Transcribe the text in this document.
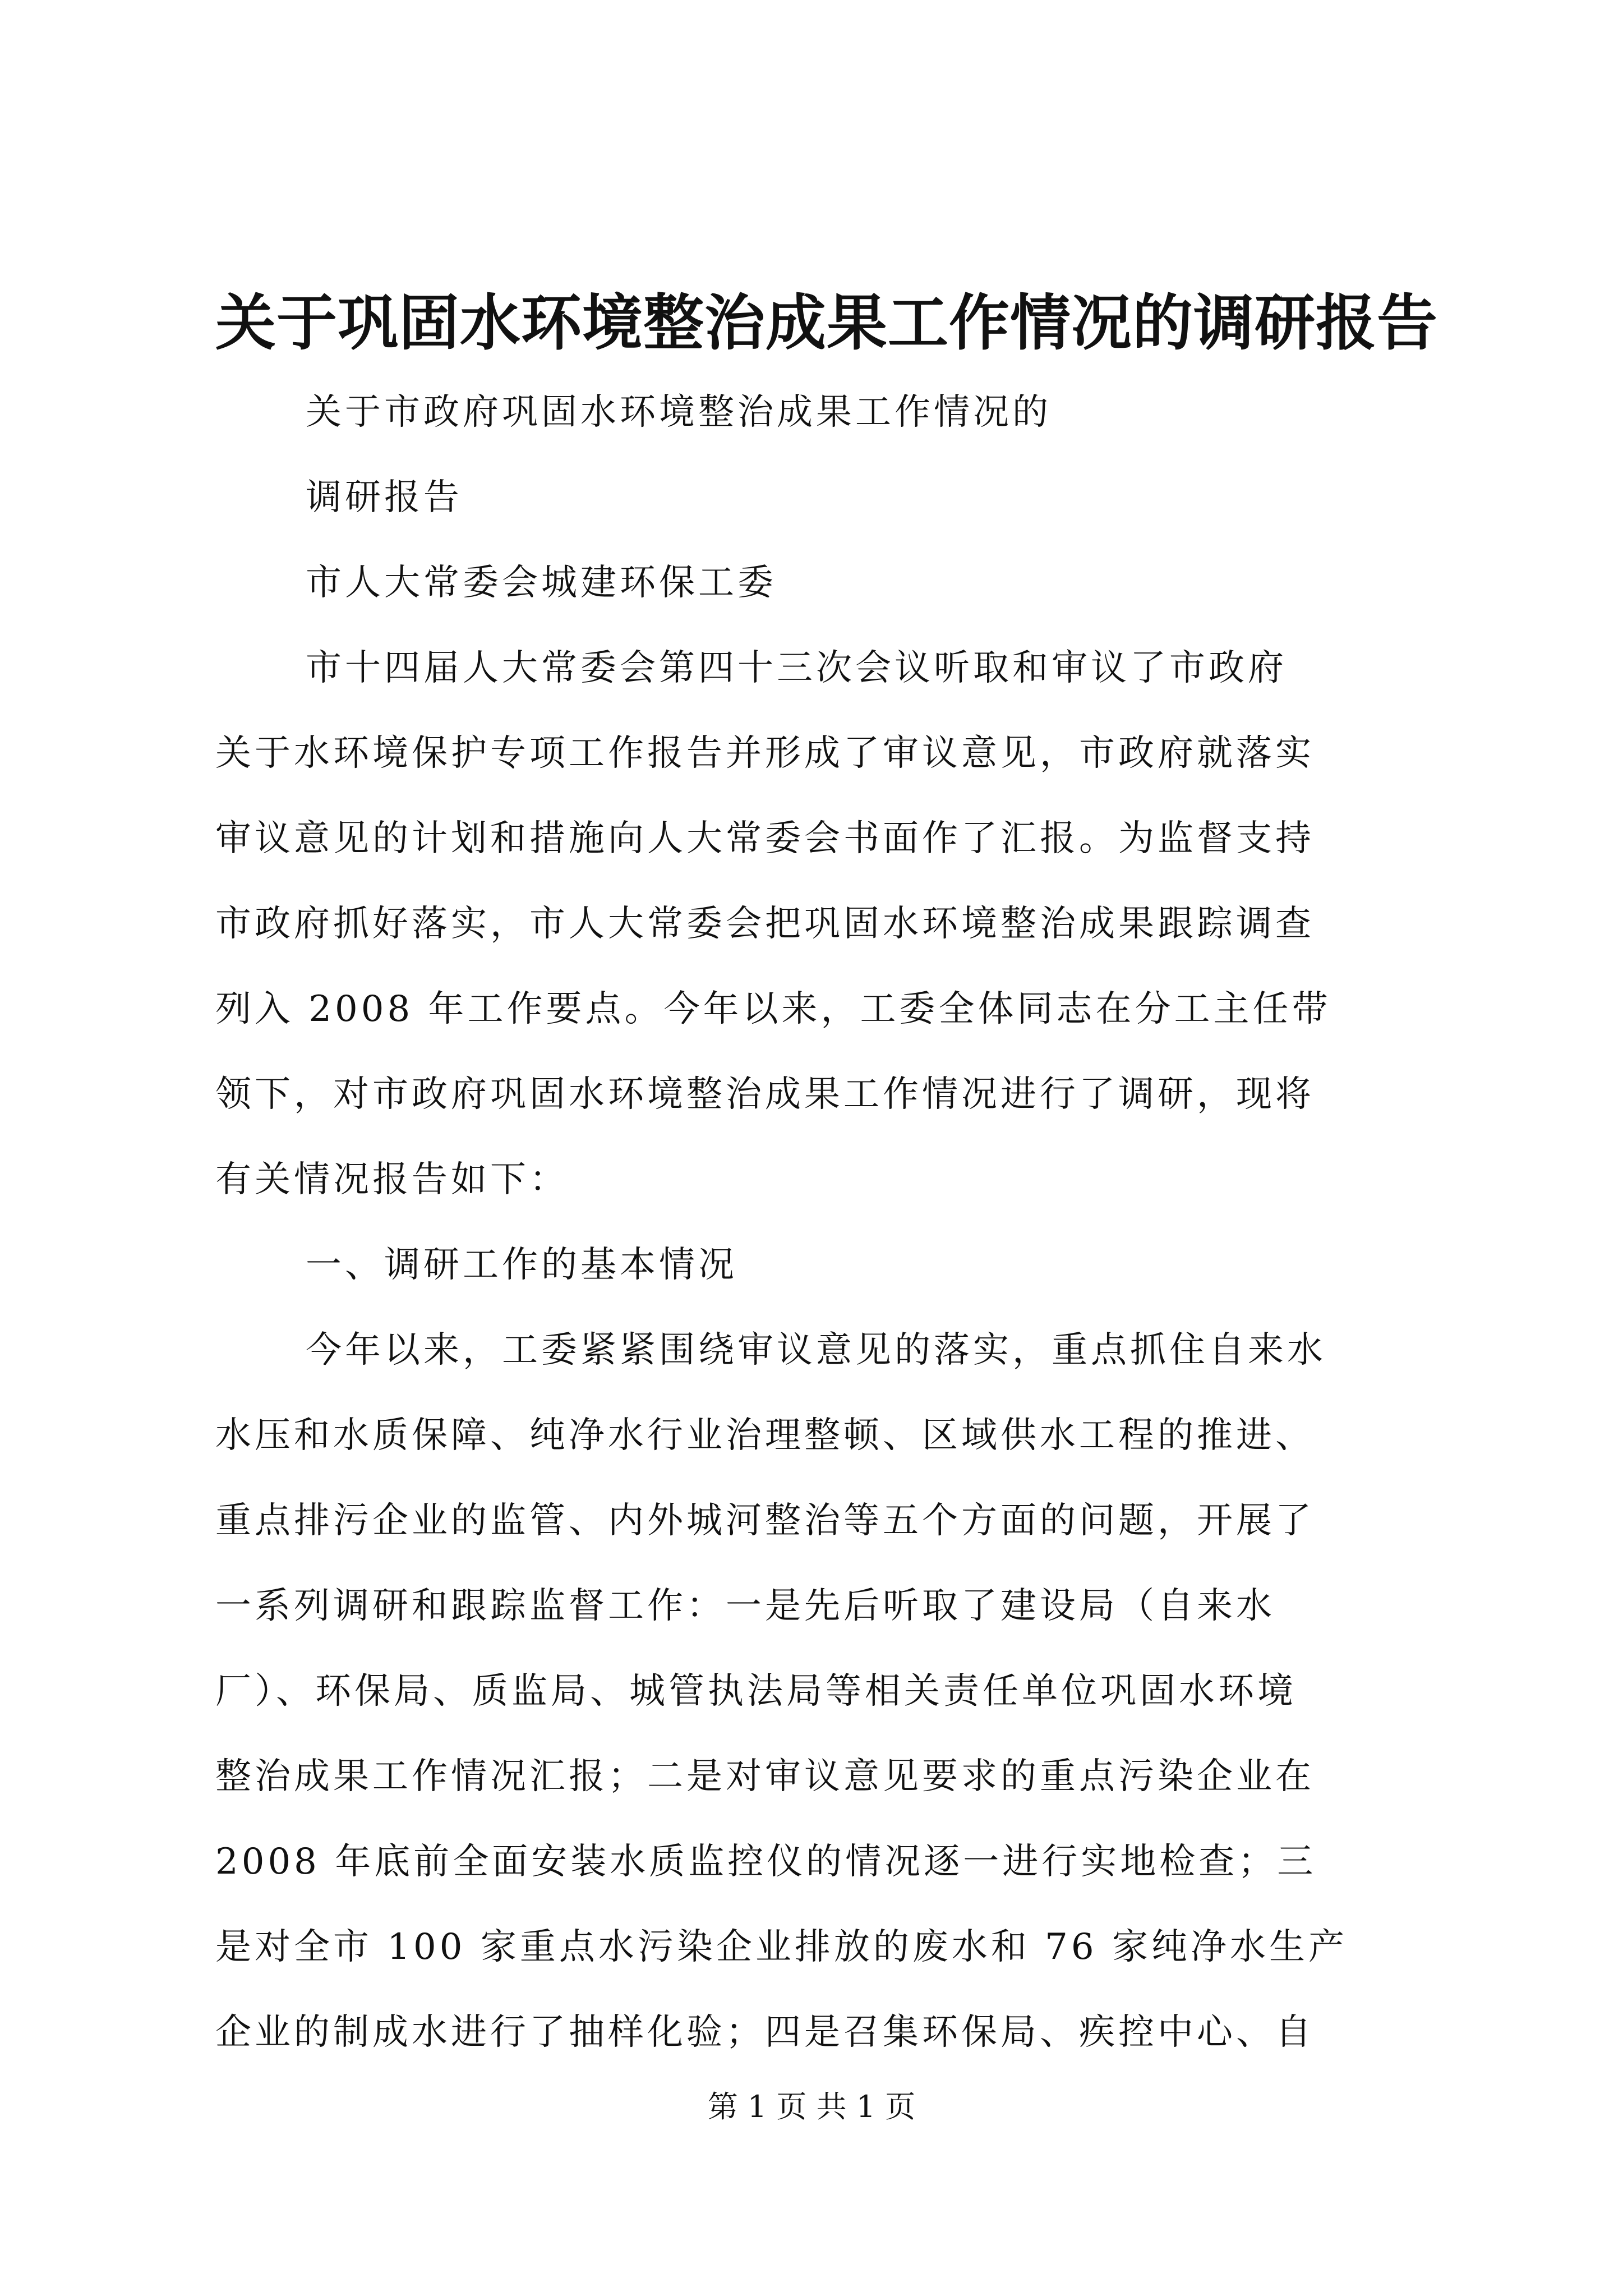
关于巩固水环境整治成果工作情况的调研报告
关于市政府巩固水环境整治成果工作情况的
调研报告
市人大常委会城建环保工委
市十四届人大常委会第四十三次会议听取和审议了市政府
关于水环境保护专项工作报告并形成了审议意见，市政府就落实
审议意见的计划和措施向人大常委会书面作了汇报。为监督支持
市政府抓好落实，市人大常委会把巩固水环境整治成果跟踪调查
列入 2008 年工作要点。今年以来，工委全体同志在分工主任带
领下，对市政府巩固水环境整治成果工作情况进行了调研，现将
有关情况报告如下：
一、调研工作的基本情况
今年以来，工委紧紧围绕审议意见的落实，重点抓住自来水
水压和水质保障、纯净水行业治理整顿、区域供水工程的推进、
重点排污企业的监管、内外城河整治等五个方面的问题，开展了
一系列调研和跟踪监督工作：一是先后听取了建设局（自来水
厂）、环保局、质监局、城管执法局等相关责任单位巩固水环境
整治成果工作情况汇报；二是对审议意见要求的重点污染企业在
2008 年底前全面安装水质监控仪的情况逐一进行实地检查；三
是对全市 100 家重点水污染企业排放的废水和 76 家纯净水生产
企业的制成水进行了抽样化验；四是召集环保局、疾控中心、自
第 1 页 共 1 页
